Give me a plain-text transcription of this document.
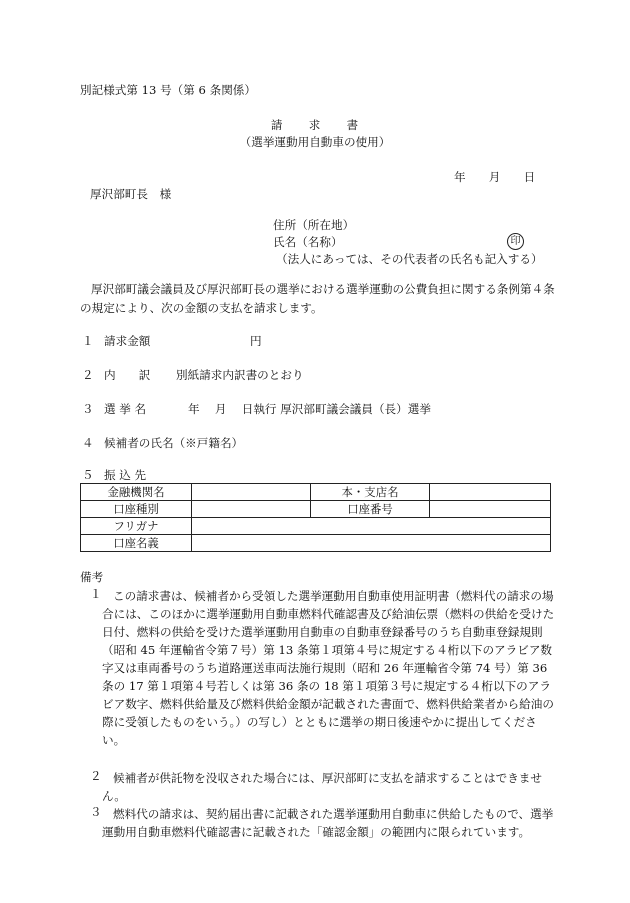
別記様式第 13 号（第 6 条関係）
請　　求　　書
（選挙運動用自動車の使用）
年　　月　　日
厚沢部町長　様
住所（所在地）
氏名（名称）	印
（法人にあっては、その代表者の氏名も記入する）
厚沢部町議会議員及び厚沢部町長の選挙における選挙運動の公費負担に関する条例第４条の規定により、次の金額の支払を請求します。
１ 請求金額	円
２ 内　　訳 別紙請求内訳書のとおり
３ 選 挙 名	年　 月　 日執行 厚沢部町議会議員（長）選挙
４ 候補者の氏名（※戸籍名）
５ 振 込 先
金融機関名		本・支店名	
口座種別		口座番号	
フリガナ			
口座名義			
備考
１ この請求書は、候補者から受領した選挙運動用自動車使用証明書（燃料代の請求の場合には、このほかに選挙運動用自動車燃料代確認書及び給油伝票（燃料の供給を受けた日付、燃料の供給を受けた選挙運動用自動車の自動車登録番号のうち自動車登録規則（昭和 45 年運輸省令第７号）第 13 条第１項第４号に規定する４桁以下のアラビア数字又は車両番号のうち道路運送車両法施行規則（昭和 26 年運輸省令第 74 号）第 36 条の 17 第１項第４号若しくは第 36 条の 18 第１項第３号に規定する４桁以下のアラビア数字、燃料供給量及び燃料供給金額が記載された書面で、燃料供給業者から給油の際に受領したものをいう。）の写し）とともに選挙の期日後速やかに提出してください。
２ 候補者が供託物を没収された場合には、厚沢部町に支払を請求することはできません。
３ 燃料代の請求は、契約届出書に記載された選挙運動用自動車に供給したもので、選挙運動用自動車燃料代確認書に記載された「確認金額」の範囲内に限られています。
